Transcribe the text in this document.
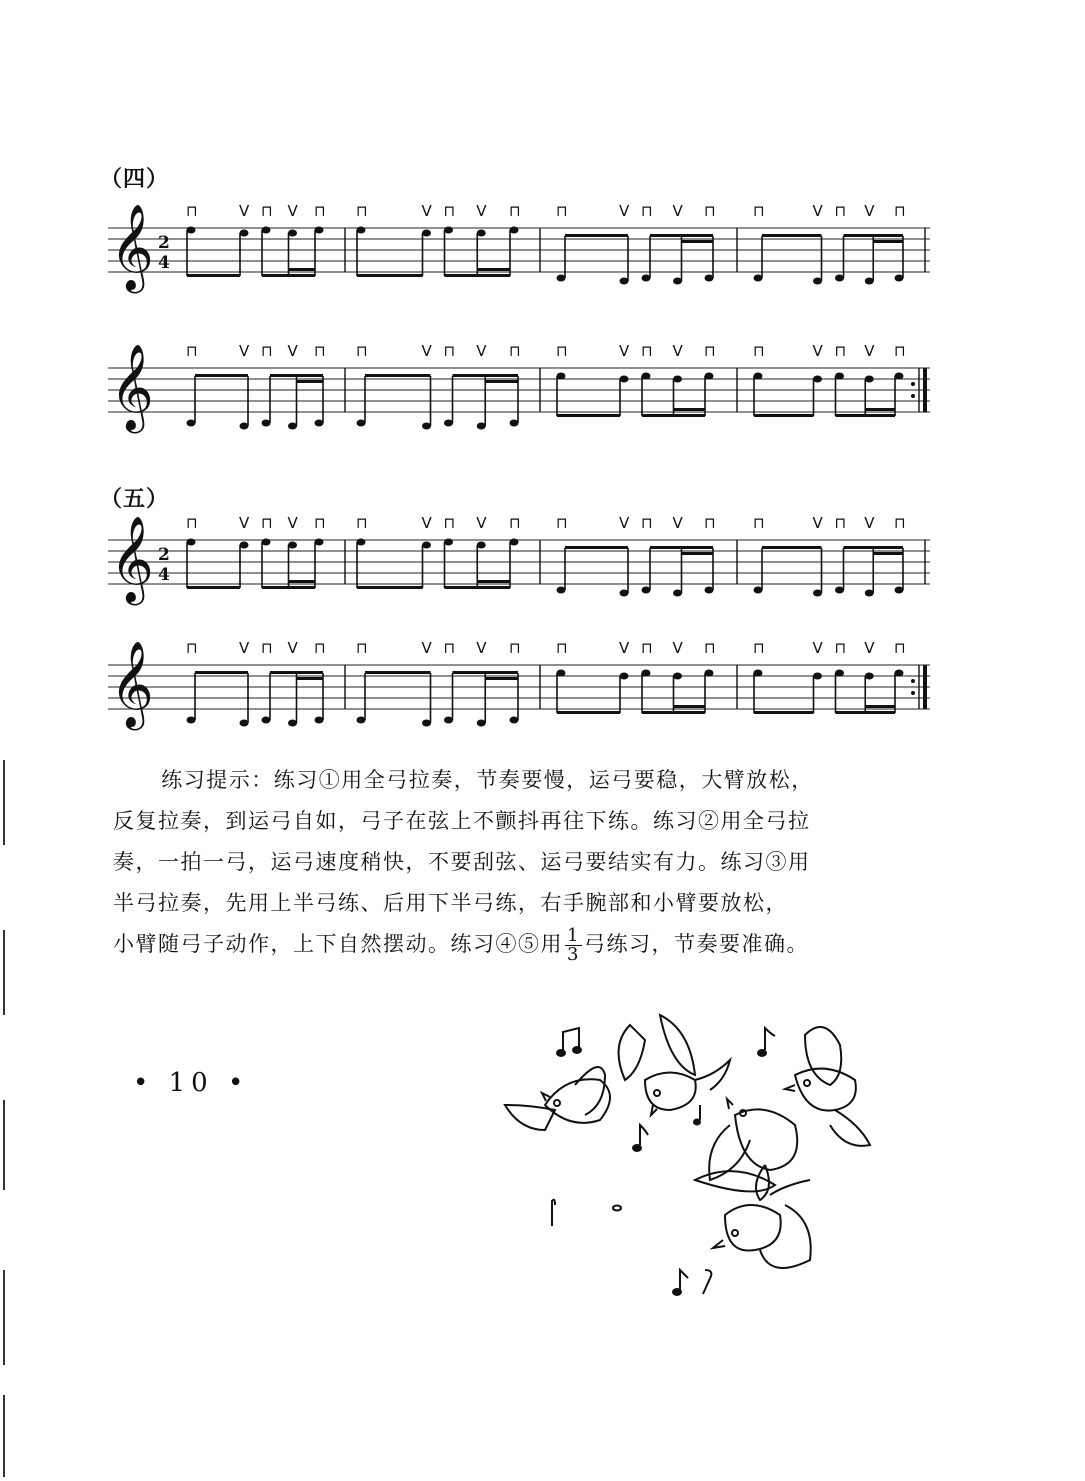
（四）
（五）
𝄞 2
4
⊓	V ⊓ V ⊓ ⊓	V ⊓ V ⊓ ⊓	V ⊓ V ⊓ ⊓	V ⊓ V ⊓
𝄞 ⊓	V ⊓ V ⊓ ⊓	V ⊓ V ⊓ ⊓	V ⊓ V ⊓ ⊓	V ⊓ V ⊓
𝄞 2
4
⊓	V ⊓ V ⊓ ⊓	V ⊓ V ⊓ ⊓	V ⊓ V ⊓ ⊓	V ⊓ V ⊓
𝄞 ⊓	V ⊓ V ⊓ ⊓	V ⊓ V ⊓ ⊓	V ⊓ V ⊓ ⊓	V ⊓ V ⊓

练习提示：练习①用全弓拉奏，节奏要慢，运弓要稳，大臂放松，

反复拉奏，到运弓自如，弓子在弦上不颤抖再往下练。练习②用全弓拉
奏，一拍一弓，运弓速度稍快，不要刮弦、运弓要结实有力。练习③用
半弓拉奏，先用上半弓练、后用下半弓练，右手腕部和小臂要放松，
小臂随弓子动作，上下自然摆动。练习④⑤用 $\frac{1}{3}$ 弓练习，节奏要准确。
• 10 •
